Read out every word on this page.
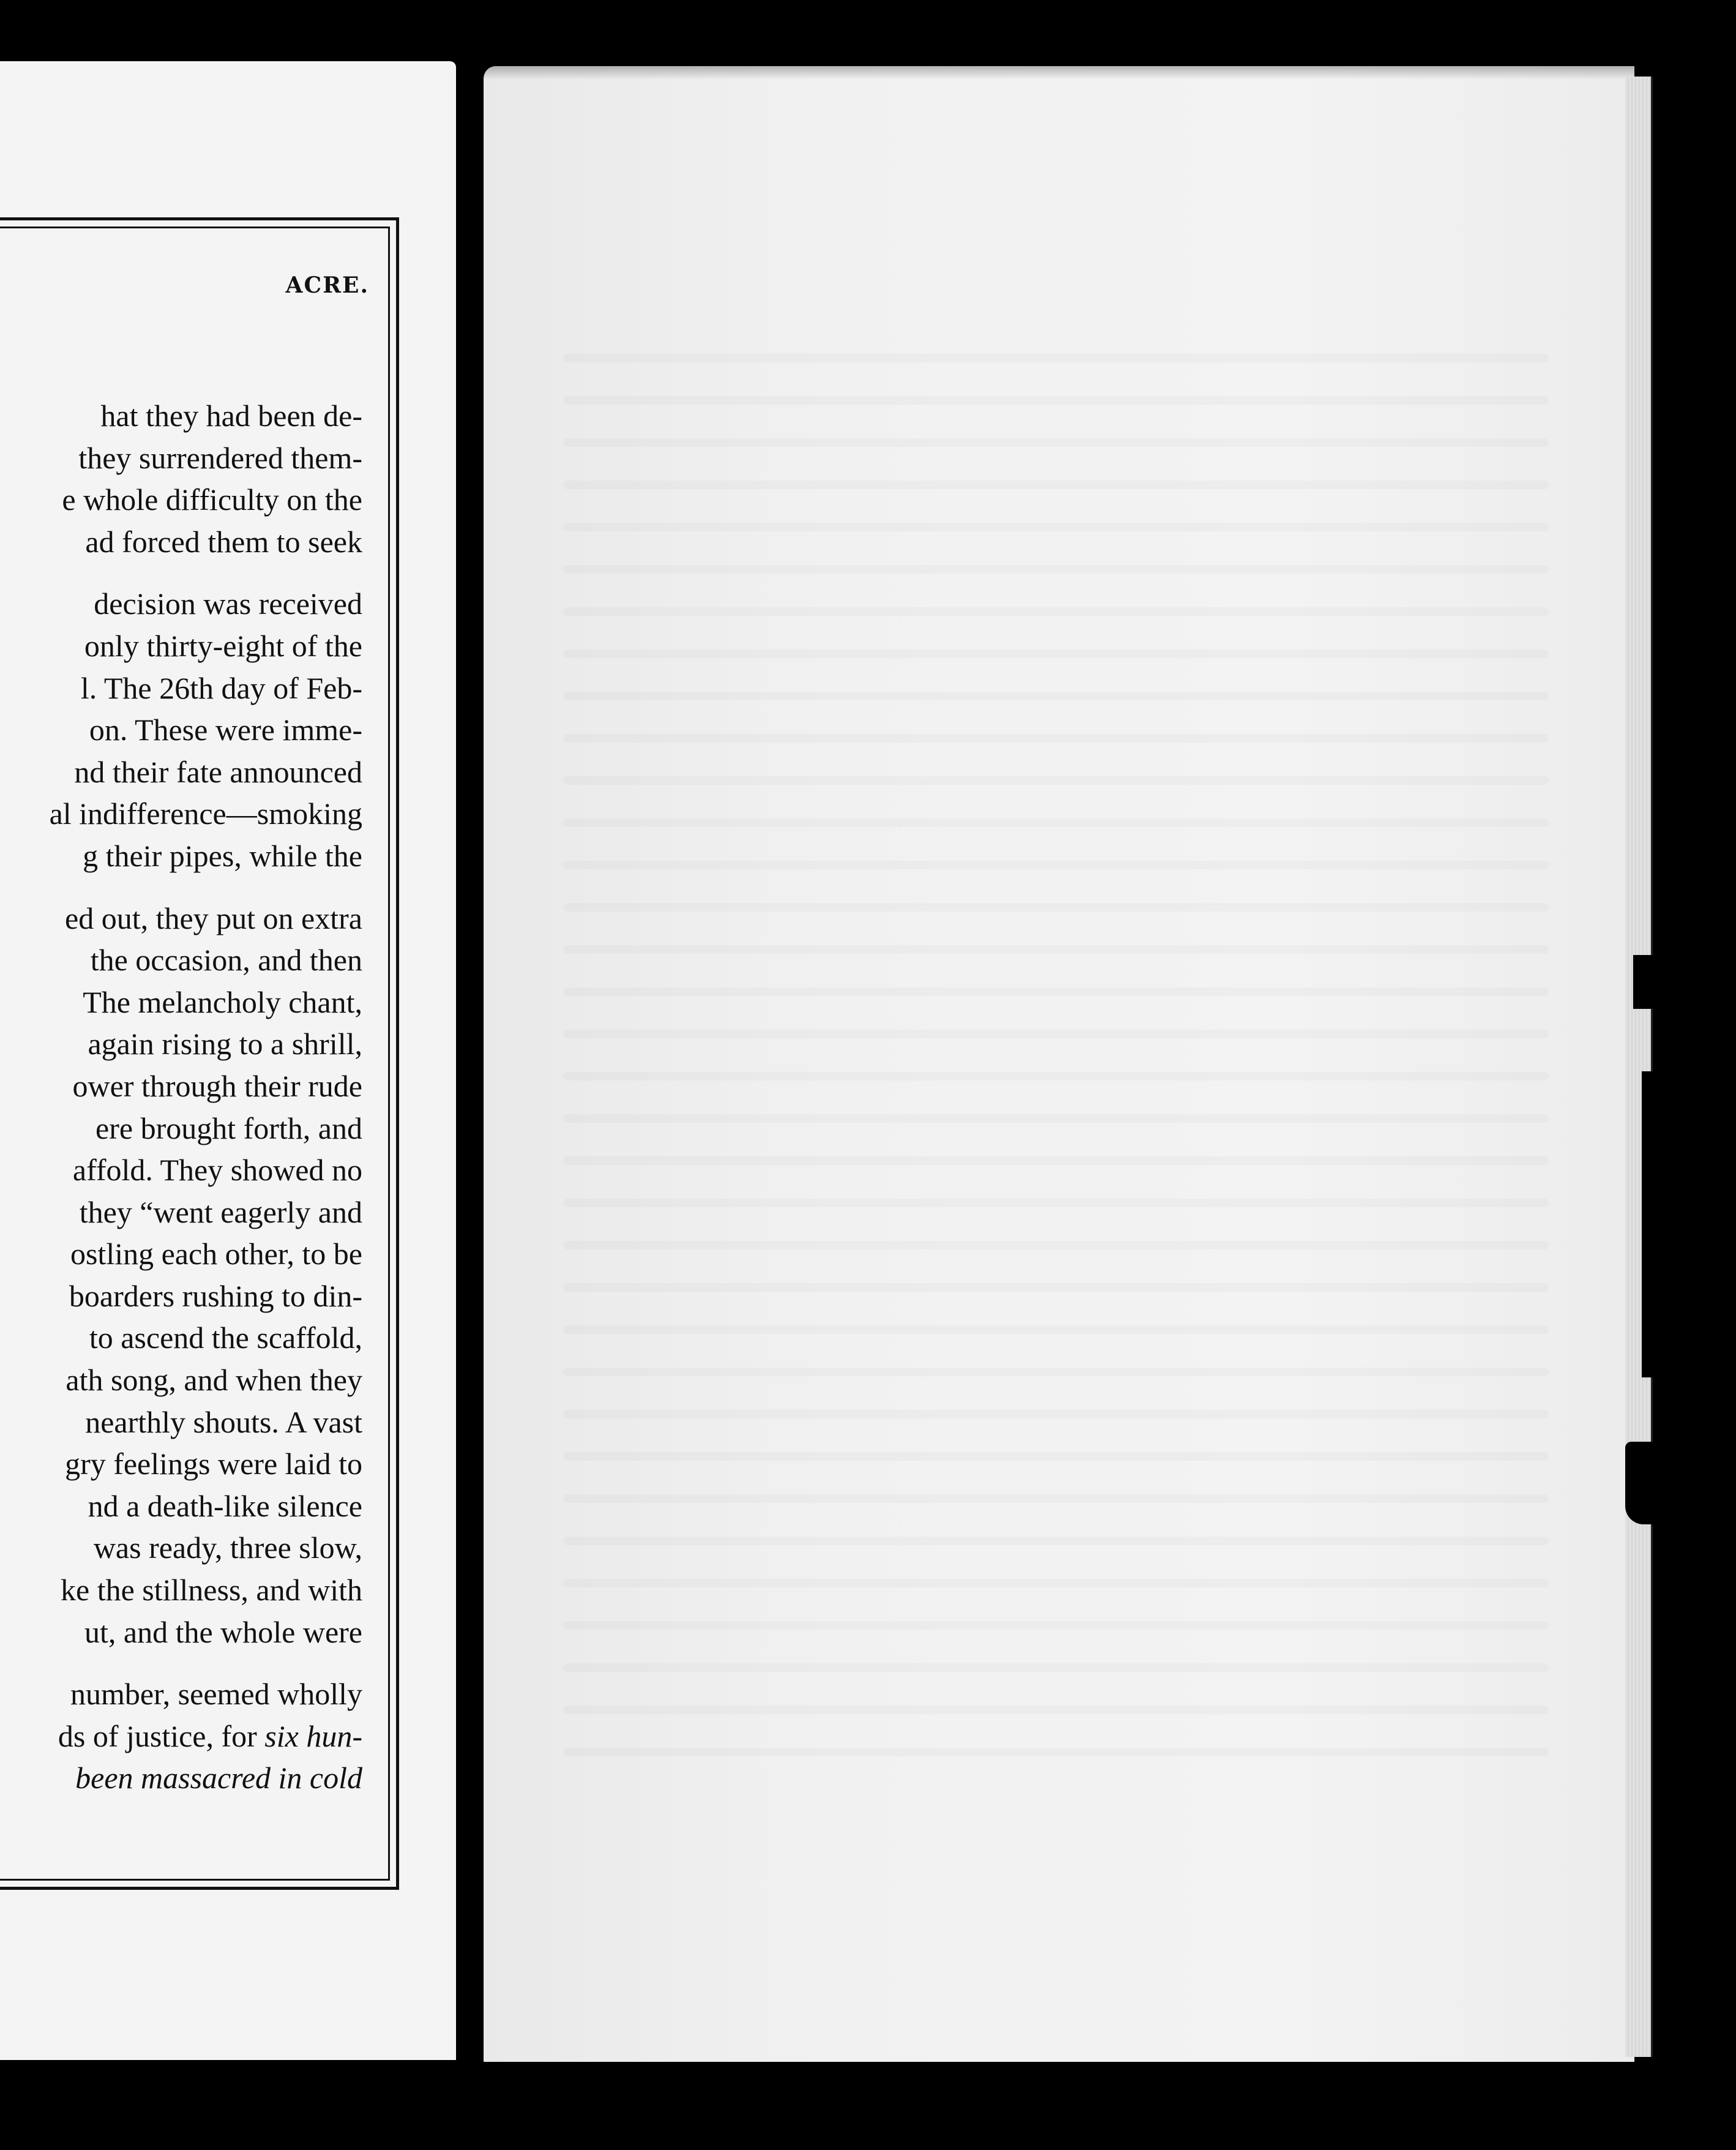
ACRE.
hat they had been de-
they surrendered them-
e whole difficulty on the
ad forced them to seek
decision was received
only thirty-eight of the
l. The 26th day of Feb-
on. These were imme-
nd their fate announced
al indifference—smoking
g their pipes, while the
ed out, they put on extra
the occasion, and then
The melancholy chant,
again rising to a shrill,
ower through their rude
ere brought forth, and
affold. They showed no
they “went eagerly and
ostling each other, to be
boarders rushing to din-
to ascend the scaffold,
ath song, and when they
nearthly shouts. A vast
gry feelings were laid to
nd a death-like silence
was ready, three slow,
ke the stillness, and with
ut, and the whole were
number, seemed wholly
ds of justice, for six hun-
been massacred in cold
